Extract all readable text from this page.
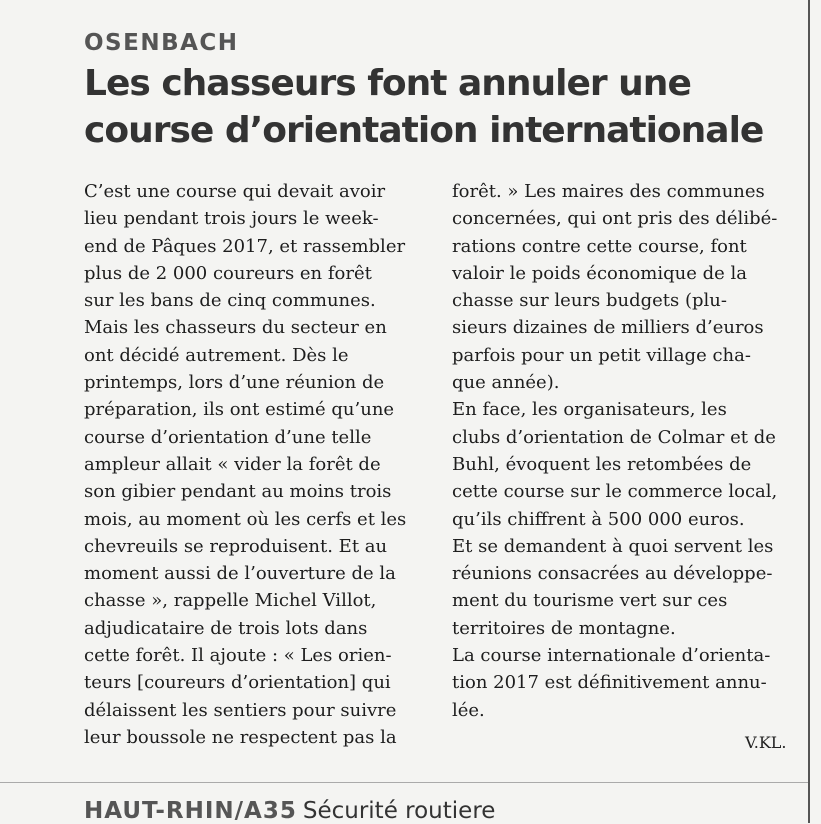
OSENBACH
Les chasseurs font annuler une
course d’orientation internationale
C’est une course qui devait avoir
lieu pendant trois jours le week-
end de Pâques 2017, et rassembler
plus de 2 000 coureurs en forêt
sur les bans de cinq communes.
Mais les chasseurs du secteur en
ont décidé autrement. Dès le
printemps, lors d’une réunion de
préparation, ils ont estimé qu’une
course d’orientation d’une telle
ampleur allait « vider la forêt de
son gibier pendant au moins trois
mois, au moment où les cerfs et les
chevreuils se reproduisent. Et au
moment aussi de l’ouverture de la
chasse », rappelle Michel Villot,
adjudicataire de trois lots dans
cette forêt. Il ajoute : « Les orien-
teurs [coureurs d’orientation] qui
délaissent les sentiers pour suivre
leur boussole ne respectent pas la
forêt. » Les maires des communes
concernées, qui ont pris des délibé-
rations contre cette course, font
valoir le poids économique de la
chasse sur leurs budgets (plu-
sieurs dizaines de milliers d’euros
parfois pour un petit village cha-
que année).
En face, les organisateurs, les
clubs d’orientation de Colmar et de
Buhl, évoquent les retombées de
cette course sur le commerce local,
qu’ils chiffrent à 500 000 euros.
Et se demandent à quoi servent les
réunions consacrées au développe-
ment du tourisme vert sur ces
territoires de montagne.
La course internationale d’orienta-
tion 2017 est définitivement annu-
lée.
V.KL.
HAUT-RHIN/A35 Sécurité routiere
